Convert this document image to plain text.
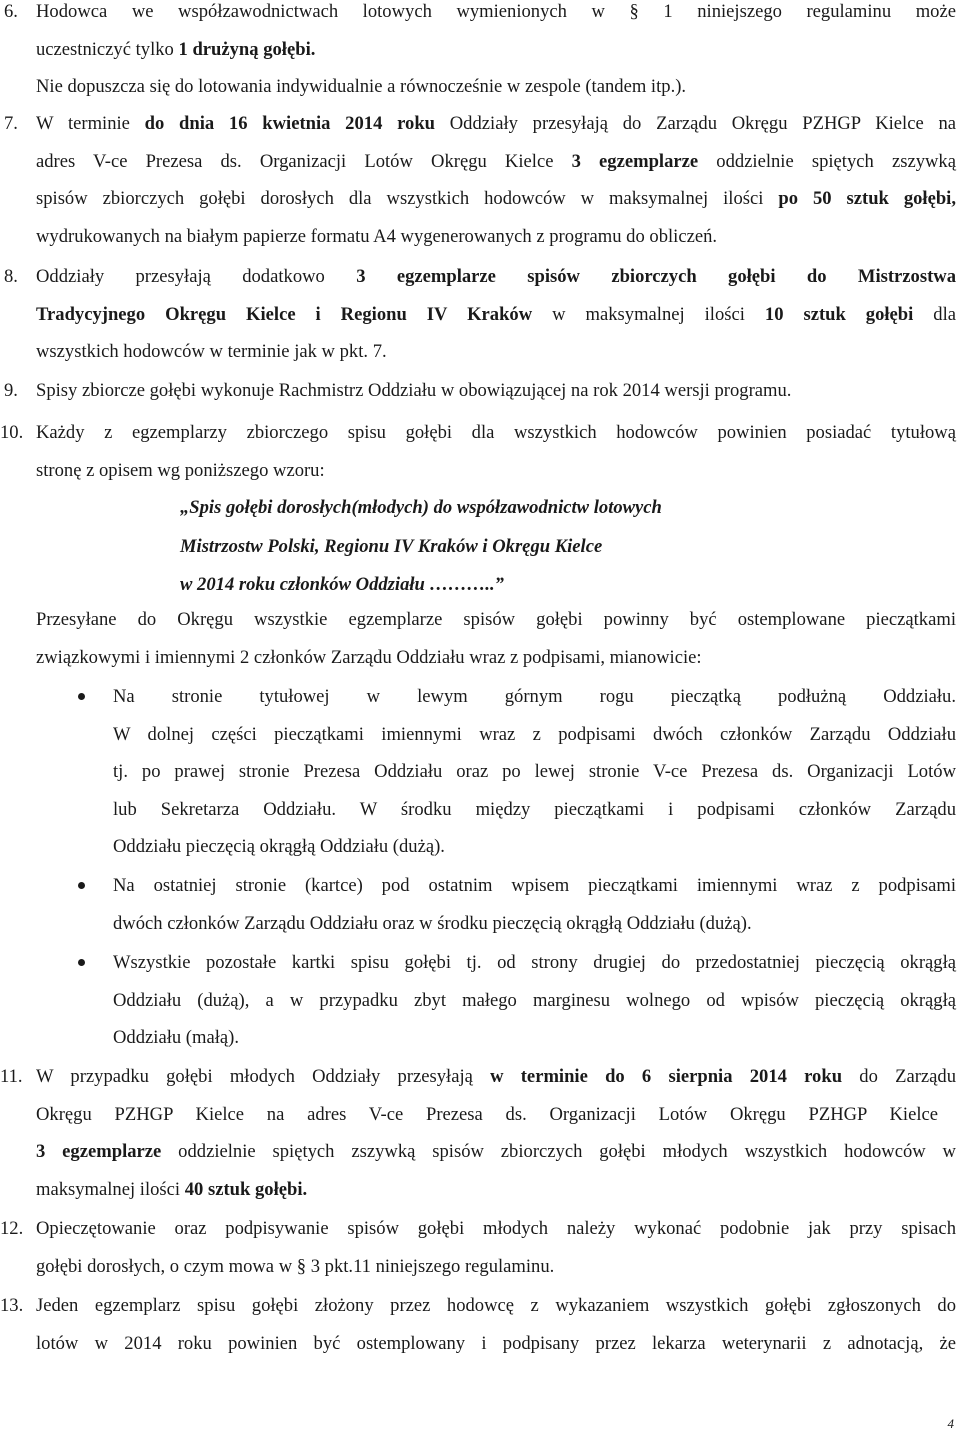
6. Hodowca we współzawodnictwach lotowych wymienionych w § 1 niniejszego regulaminu może
uczestniczyć tylko 1 drużyną gołębi.
Nie dopuszcza się do lotowania indywidualnie a równocześnie w zespole (tandem itp.).
7. W terminie do dnia 16 kwietnia 2014 roku Oddziały przesyłają do Zarządu Okręgu PZHGP Kielce na
adres V-ce Prezesa ds. Organizacji Lotów Okręgu Kielce 3 egzemplarze oddzielnie spiętych zszywką
spisów zbiorczych gołębi dorosłych dla wszystkich hodowców w maksymalnej ilości po 50 sztuk gołębi,
wydrukowanych na białym papierze formatu A4 wygenerowanych z programu do obliczeń.
8. Oddziały przesyłają dodatkowo 3 egzemplarze spisów zbiorczych gołębi do Mistrzostwa
Tradycyjnego Okręgu Kielce i Regionu IV Kraków w maksymalnej ilości 10 sztuk gołębi dla
wszystkich hodowców w terminie jak w pkt. 7.
9. Spisy zbiorcze gołębi wykonuje Rachmistrz Oddziału w obowiązującej na rok 2014 wersji programu.
10. Każdy z egzemplarzy zbiorczego spisu gołębi dla wszystkich hodowców powinien posiadać tytułową
stronę z opisem wg poniższego wzoru:
„Spis gołębi dorosłych(młodych) do współzawodnictw lotowych
Mistrzostw Polski, Regionu IV Kraków i Okręgu Kielce
w 2014 roku członków Oddziału ………..”
Przesyłane do Okręgu wszystkie egzemplarze spisów gołębi powinny być ostemplowane pieczątkami
związkowymi i imiennymi 2 członków Zarządu Oddziału wraz z podpisami, mianowicie:
Na stronie tytułowej w lewym górnym rogu pieczątką podłużną Oddziału.
W dolnej części pieczątkami imiennymi wraz z podpisami dwóch członków Zarządu Oddziału
tj. po prawej stronie Prezesa Oddziału oraz po lewej stronie V-ce Prezesa ds. Organizacji Lotów
lub Sekretarza Oddziału. W środku między pieczątkami i podpisami członków Zarządu
Oddziału pieczęcią okrągłą Oddziału (dużą).
Na ostatniej stronie (kartce) pod ostatnim wpisem pieczątkami imiennymi wraz z podpisami
dwóch członków Zarządu Oddziału oraz w środku pieczęcią okrągłą Oddziału (dużą).
Wszystkie pozostałe kartki spisu gołębi tj. od strony drugiej do przedostatniej pieczęcią okrągłą
Oddziału (dużą), a w przypadku zbyt małego marginesu wolnego od wpisów pieczęcią okrągłą
Oddziału (małą).
11. W przypadku gołębi młodych Oddziały przesyłają w terminie do 6 sierpnia 2014 roku do Zarządu
Okręgu PZHGP Kielce na adres V-ce Prezesa ds. Organizacji Lotów Okręgu PZHGP Kielce
3 egzemplarze oddzielnie spiętych zszywką spisów zbiorczych gołębi młodych wszystkich hodowców w
maksymalnej ilości 40 sztuk gołębi.
12. Opieczętowanie oraz podpisywanie spisów gołębi młodych należy wykonać podobnie jak przy spisach
gołębi dorosłych, o czym mowa w § 3 pkt.11 niniejszego regulaminu.
13. Jeden egzemplarz spisu gołębi złożony przez hodowcę z wykazaniem wszystkich gołębi zgłoszonych do
lotów w 2014 roku powinien być ostemplowany i podpisany przez lekarza weterynarii z adnotacją, że
4
